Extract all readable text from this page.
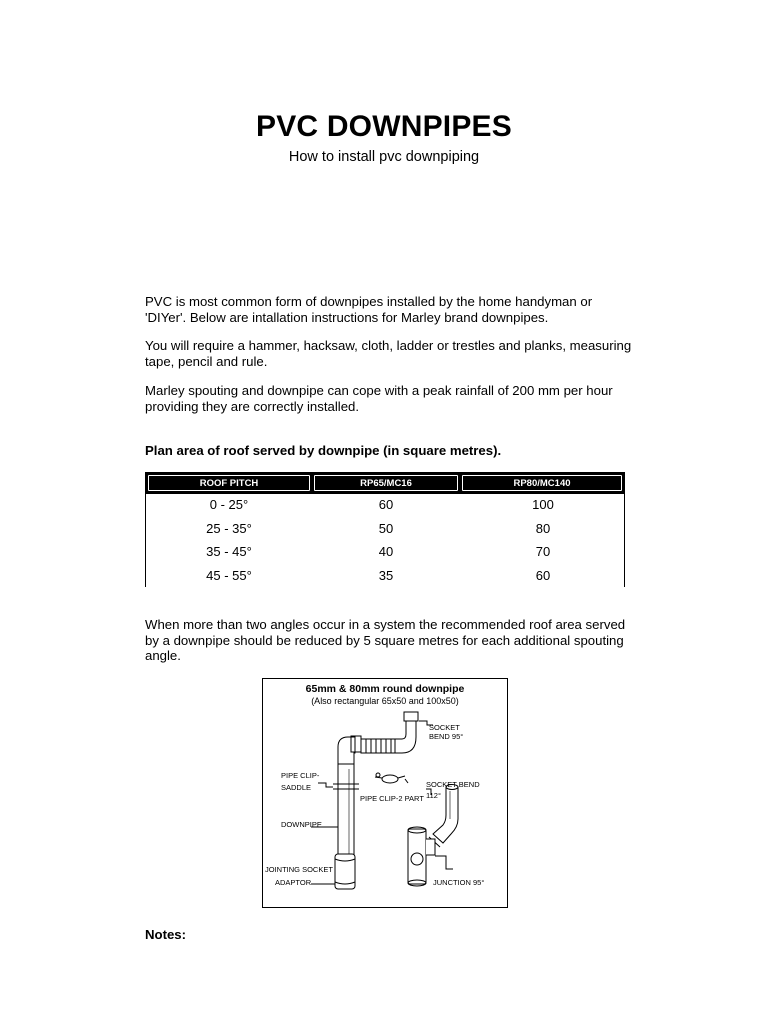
PVC DOWNPIPES
How to install pvc downpiping
PVC is most common form of downpipes installed by the home handyman or 'DIYer'. Below are intallation instructions for Marley brand downpipes.
You will require a hammer, hacksaw, cloth, ladder or trestles and planks, measuring tape, pencil and rule.
Marley spouting and downpipe can cope with a peak rainfall of 200 mm per hour providing they are correctly installed.
Plan area of roof served by downpipe (in square metres).
ROOF PITCH	RP65/MC16	RP80/MC140
0 - 25°	60	100
25 - 35°	50	80
35 - 45°	40	70
45 - 55°	35	60
When more than two angles occur in a system the recommended roof area served by a downpipe should be reduced by 5 square metres for each additional spouting angle.
65mm & 80mm round downpipe
(Also rectangular 65x50 and 100x50)
SOCKET
BEND 95°
PIPE CLIP-
SADDLE
PIPE CLIP-2 PART
SOCKET BEND
112°
DOWNPIPE
JOINTING SOCKET
ADAPTOR	JUNCTION 95°
Notes:
